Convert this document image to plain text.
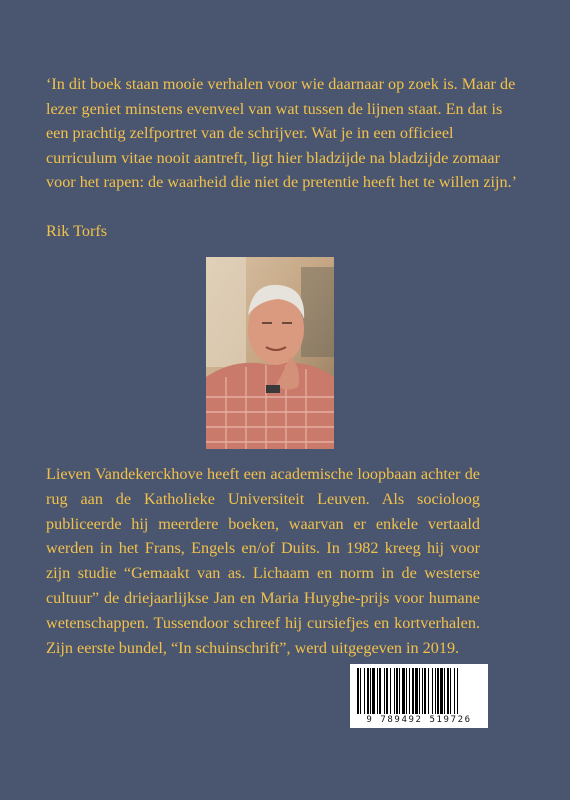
‘In dit boek staan mooie verhalen voor wie daarnaar op zoek is. Maar de lezer geniet minstens evenveel van wat tussen de lijnen staat. En dat is een prachtig zelfportret van de schrijver. Wat je in een officieel curriculum vitae nooit aantreft, ligt hier bladzijde na bladzijde zomaar voor het rapen: de waarheid die niet de pretentie heeft het te willen zijn.’

Rik Torfs

Lieven Vandekerckhove heeft een academische loopbaan achter de rug aan de Katholieke Universiteit Leuven. Als socioloog publiceerde hij meerdere boeken, waarvan er enkele vertaald werden in het Frans, Engels en/of Duits. In 1982 kreeg hij voor zijn studie “Gemaakt van as. Lichaam en norm in de westerse cultuur” de driejaarlijkse Jan en Maria Huyghe-prijs voor humane wetenschappen. Tussendoor schreef hij cursiefjes en kortverhalen. Zijn eerste bundel, “In schuinschrift”, werd uitgegeven in 2019.

9 789492 519726
